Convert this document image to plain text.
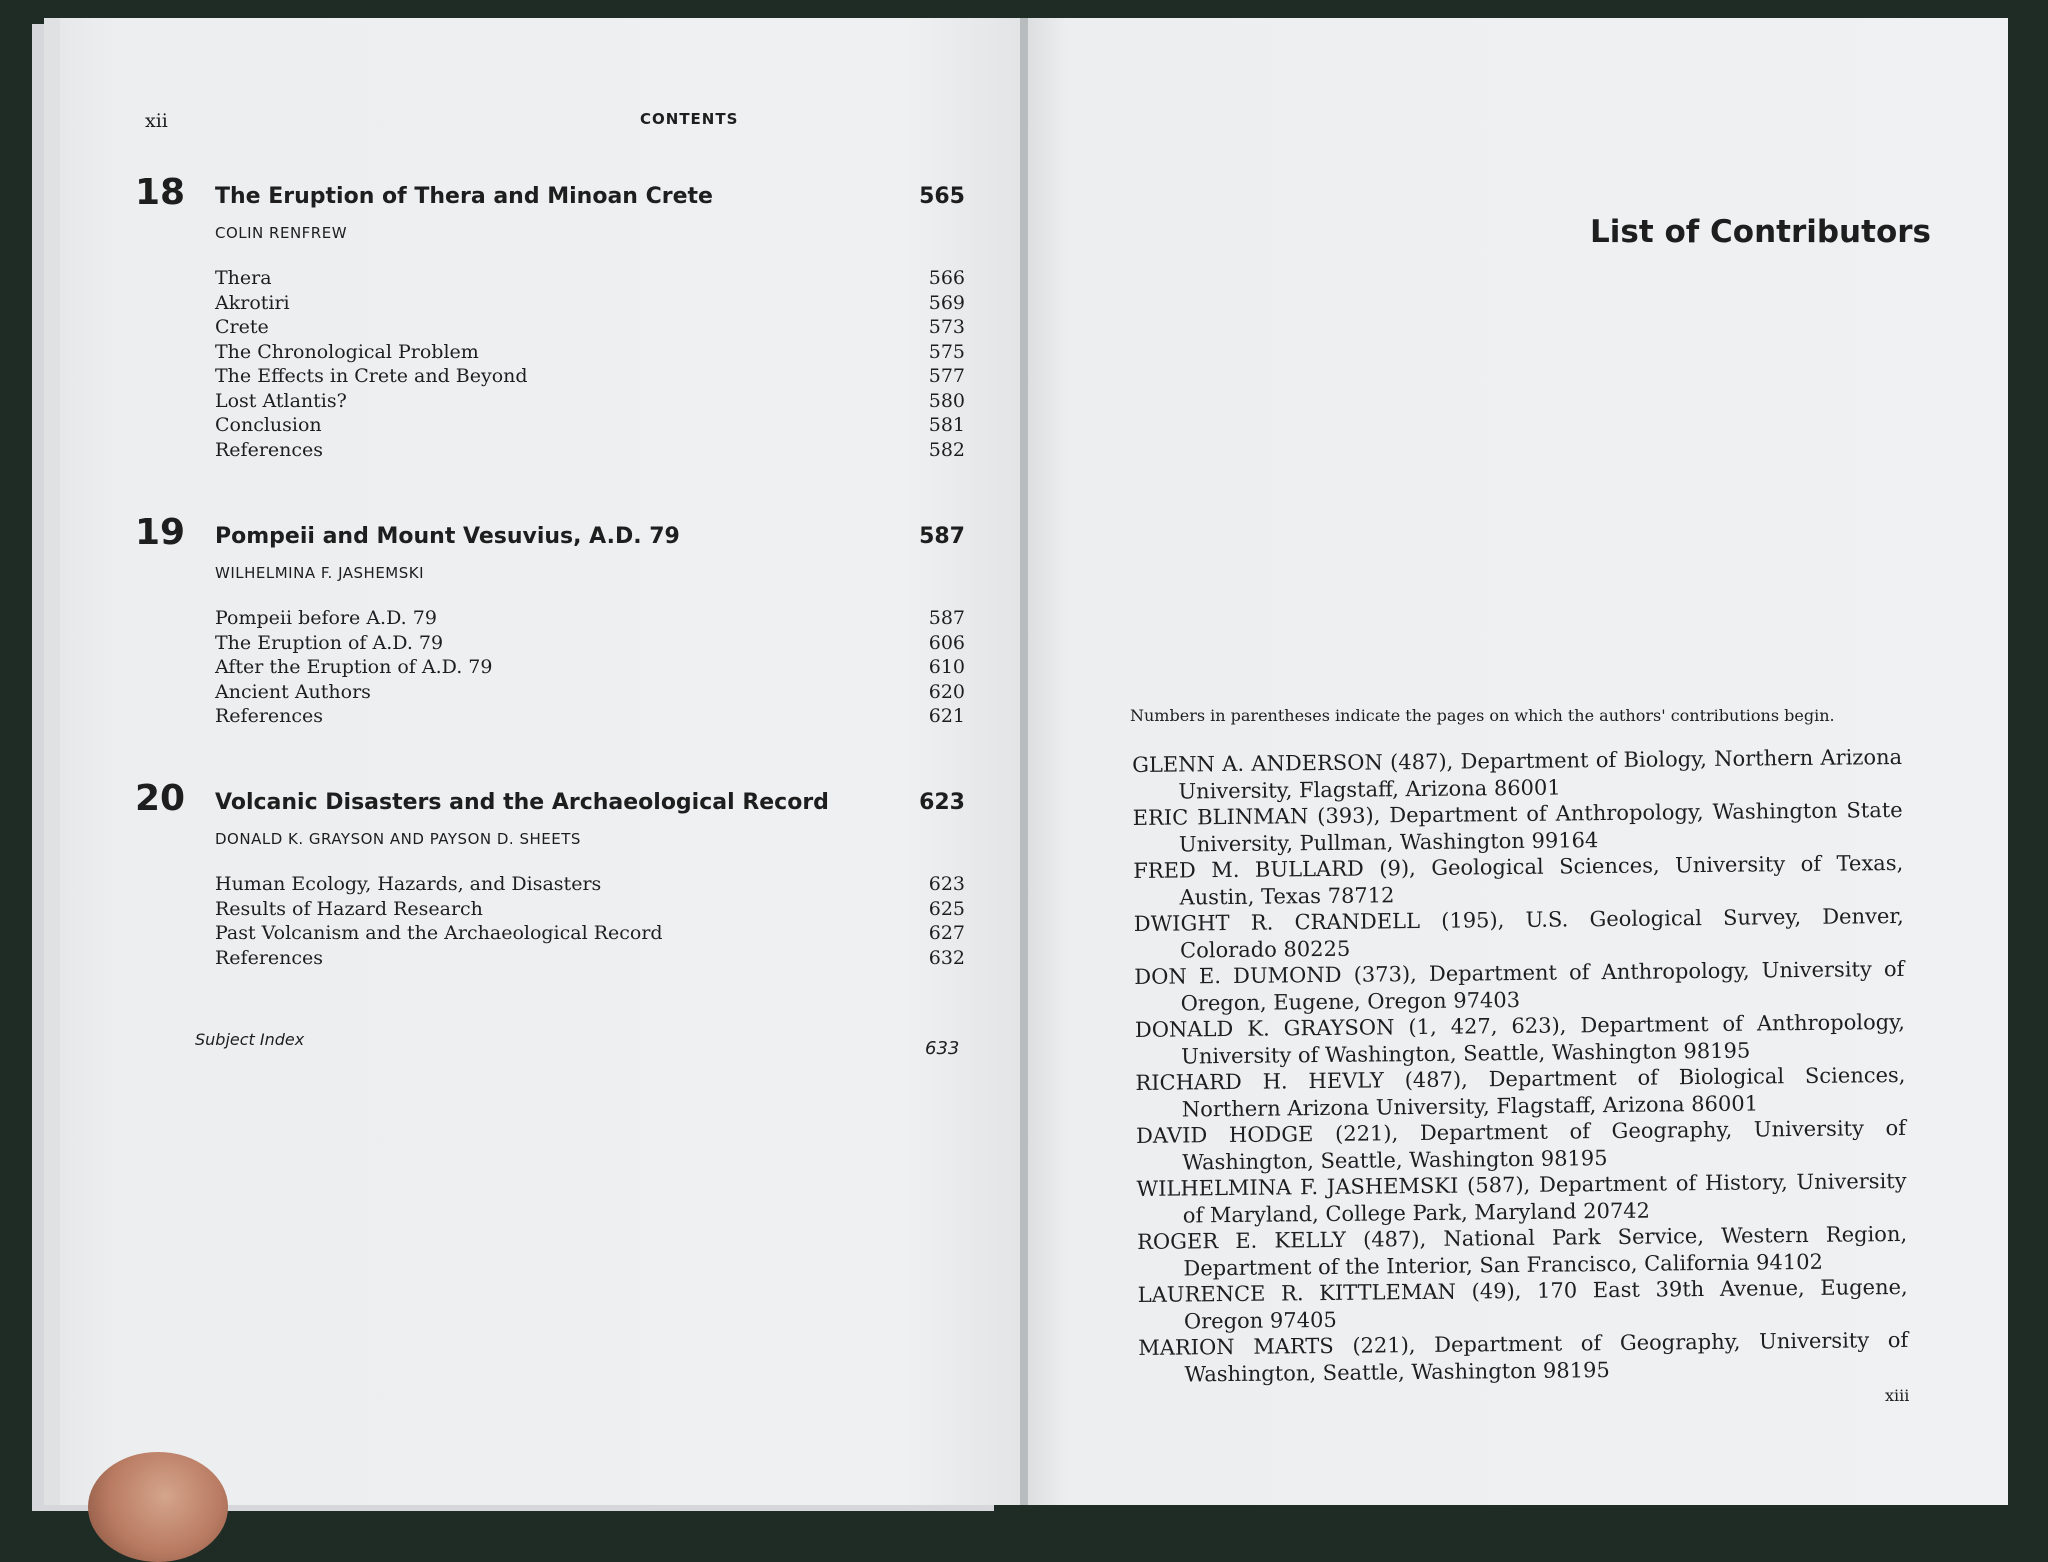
xii	CONTENTS
18 The Eruption of Thera and Minoan Crete	565
COLIN RENFREW
Thera	566
Akrotiri	569
Crete	573
The Chronological Problem	575
The Effects in Crete and Beyond	577
Lost Atlantis?	580
Conclusion	581
References	582
19 Pompeii and Mount Vesuvius, A.D. 79	587
WILHELMINA F. JASHEMSKI
Pompeii before A.D. 79	587
The Eruption of A.D. 79	606
After the Eruption of A.D. 79	610
Ancient Authors	620
References	621
20 Volcanic Disasters and the Archaeological Record	623
DONALD K. GRAYSON AND PAYSON D. SHEETS
Human Ecology, Hazards, and Disasters	623
Results of Hazard Research	625
Past Volcanism and the Archaeological Record	627
References	632
Subject Index	633
List of Contributors
Numbers in parentheses indicate the pages on which the authors' contributions begin.
GLENN A. ANDERSON (487), Department of Biology, Northern Arizona University, Flagstaff, Arizona 86001
ERIC BLINMAN (393), Department of Anthropology, Washington State University, Pullman, Washington 99164
FRED M. BULLARD (9), Geological Sciences, University of Texas, Austin, Texas 78712
DWIGHT R. CRANDELL (195), U.S. Geological Survey, Denver, Colorado 80225
DON E. DUMOND (373), Department of Anthropology, University of Oregon, Eugene, Oregon 97403
DONALD K. GRAYSON (1, 427, 623), Department of Anthropology, University of Washington, Seattle, Washington 98195
RICHARD H. HEVLY (487), Department of Biological Sciences, Northern Arizona University, Flagstaff, Arizona 86001
DAVID HODGE (221), Department of Geography, University of Washington, Seattle, Washington 98195
WILHELMINA F. JASHEMSKI (587), Department of History, University of Maryland, College Park, Maryland 20742
ROGER E. KELLY (487), National Park Service, Western Region, Department of the Interior, San Francisco, California 94102
LAURENCE R. KITTLEMAN (49), 170 East 39th Avenue, Eugene, Oregon 97405
MARION MARTS (221), Department of Geography, University of Washington, Seattle, Washington 98195
xiii
